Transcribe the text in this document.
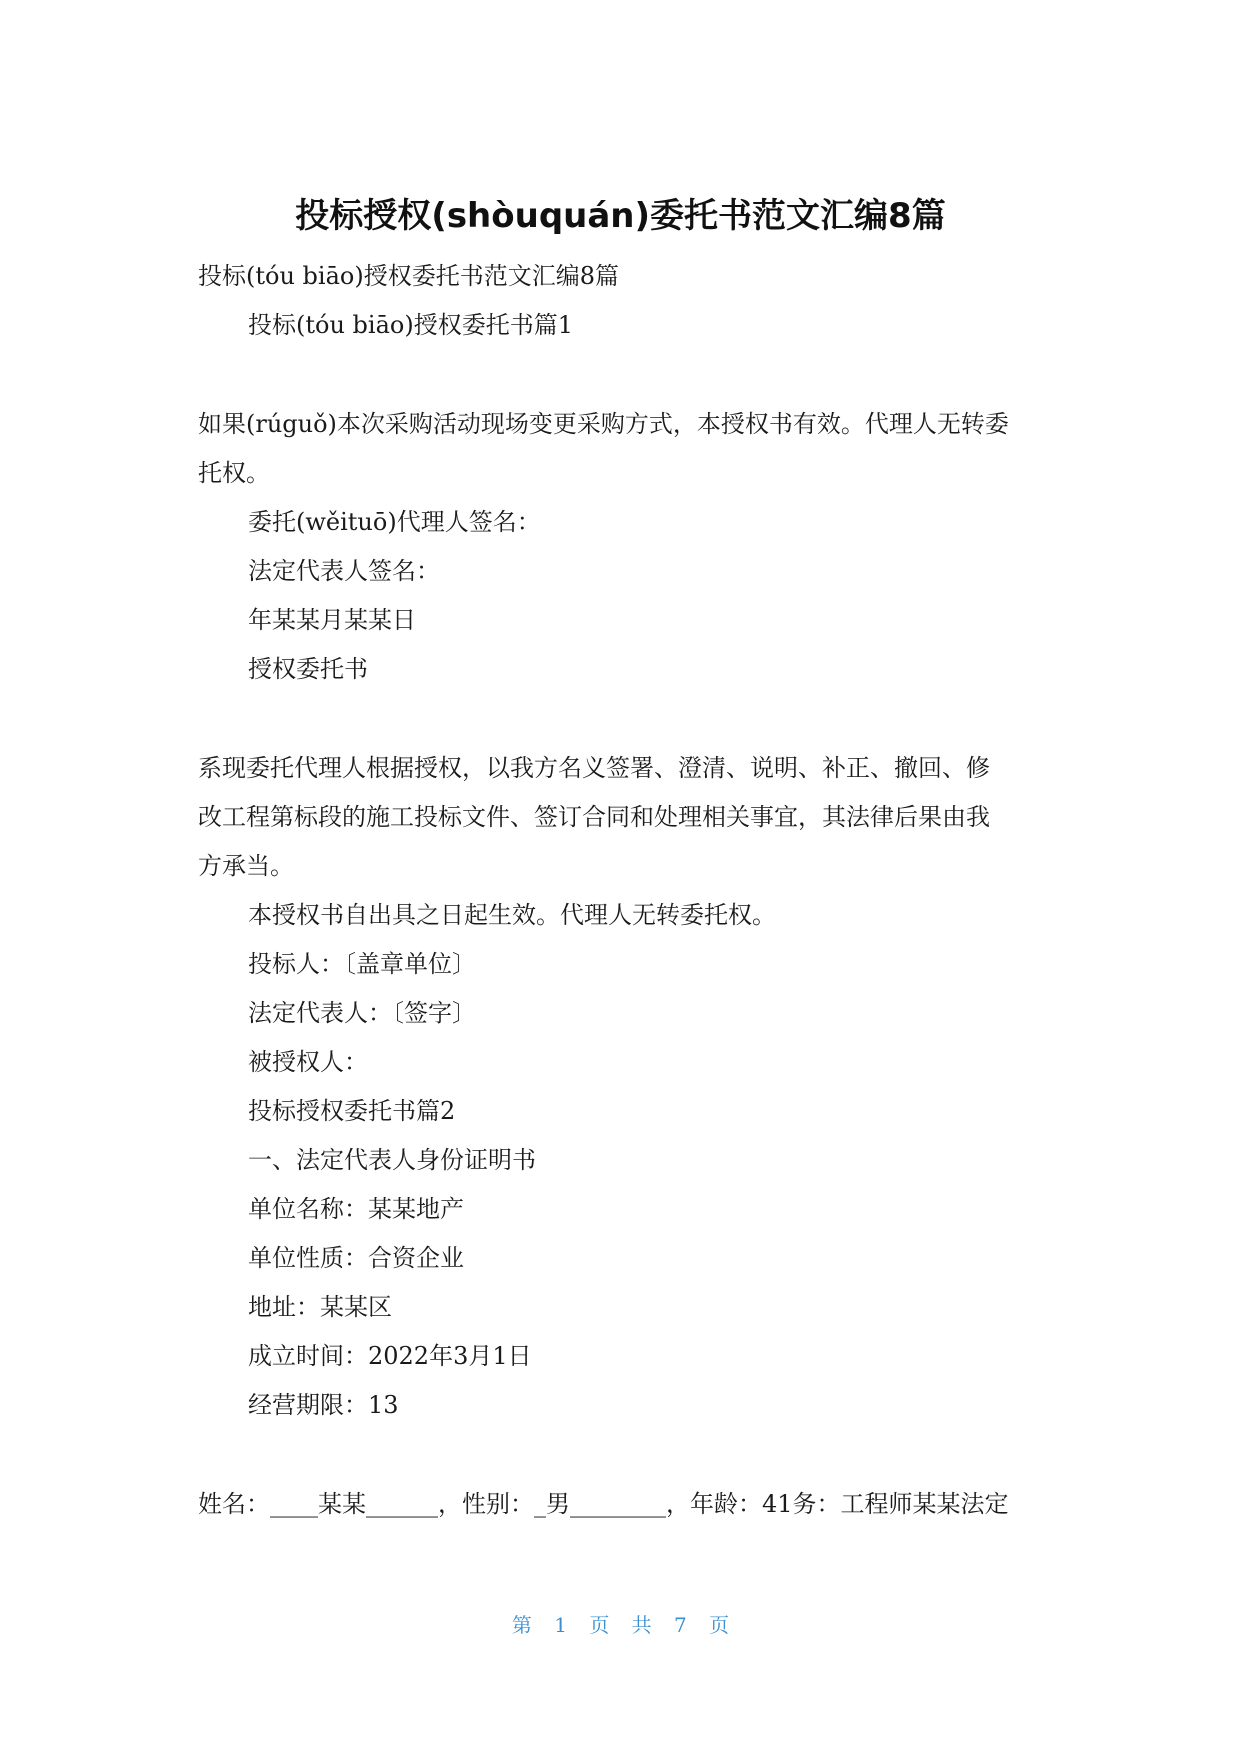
投标授权(shòuquán)委托书范文汇编8篇
投标(tóu biāo)授权委托书范文汇编8篇
投标(tóu biāo)授权委托书篇1
如果(rúguǒ)本次采购活动现场变更采购方式，本授权书有效。代理人无转委
托权。
委托(wěituō)代理人签名：
法定代表人签名：
年某某月某某日
授权委托书
系现委托代理人根据授权，以我方名义签署、澄清、说明、补正、撤回、修
改工程第标段的施工投标文件、签订合同和处理相关事宜，其法律后果由我
方承当。
本授权书自出具之日起生效。代理人无转委托权。
投标人：〔盖章单位〕
法定代表人：〔签字〕
被授权人：
投标授权委托书篇2
一、法定代表人身份证明书
单位名称：某某地产
单位性质：合资企业
地址：某某区
成立时间：2022年3月1日
经营期限：13
姓名：____某某______，性别：_男________，年龄：41务：工程师某某法定
第 1 页 共 7 页
